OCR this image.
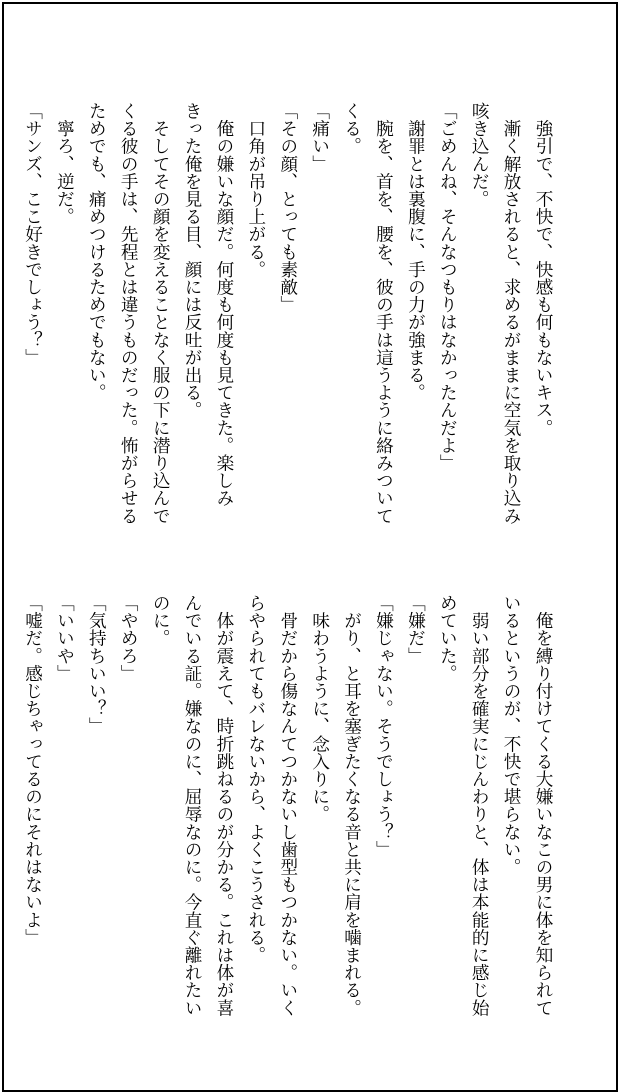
　強引で、不快で、快感も何もないキス。
　漸く解放されると、求めるがままに空気を取り込み
咳き込んだ。
「ごめんね、そんなつもりはなかったんだよ」
　謝罪とは裏腹に、手の力が強まる。
　腕を、首を、腰を、彼の手は這うように絡みついて
くる。
「痛い」
「その顔、とっても素敵」
　口角が吊り上がる。
　俺の嫌いな顔だ。何度も何度も見てきた。楽しみ
きった俺を見る目、顔には反吐が出る。
　そしてその顔を変えることなく服の下に潜り込んで
くる彼の手は、先程とは違うものだった。怖がらせる
ためでも、痛めつけるためでもない。
　寧ろ、逆だ。
「サンズ、ここ好きでしょう？」
　俺を縛り付けてくる大嫌いなこの男に体を知られて
いるというのが、不快で堪らない。
　弱い部分を確実にじんわりと、体は本能的に感じ始
めていた。
「嫌だ」
「嫌じゃない。そうでしょう？」
　がり、と耳を塞ぎたくなる音と共に肩を噛まれる。
　味わうように、念入りに。
　骨だから傷なんてつかないし歯型もつかない。いく
らやられてもバレないから、よくこうされる。
　体が震えて、時折跳ねるのが分かる。これは体が喜
んでいる証。嫌なのに、屈辱なのに。今直ぐ離れたい
のに。
「やめろ」
「気持ちいい？」
「いいや」
「嘘だ。感じちゃってるのにそれはないよ」
